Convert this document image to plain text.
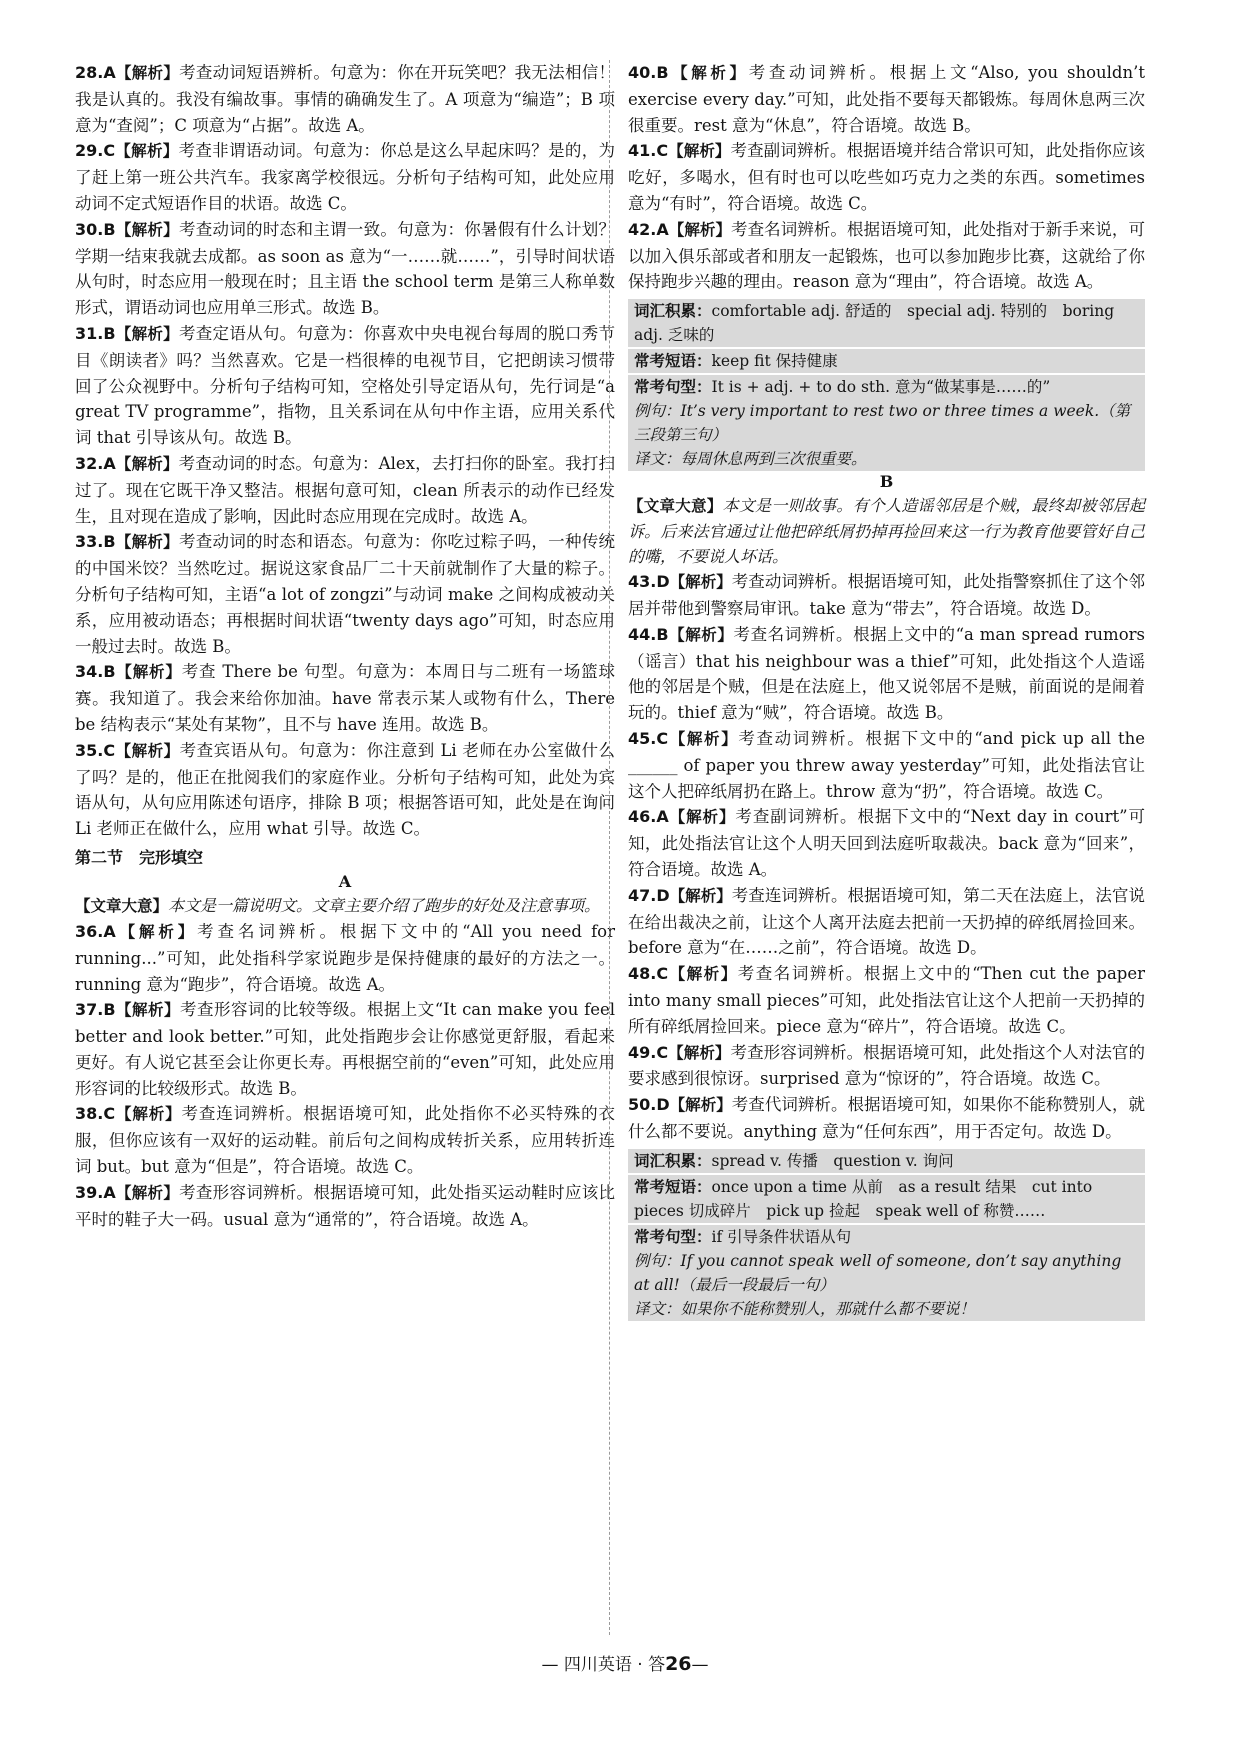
28.A【解析】考查动词短语辨析。句意为：你在开玩笑吧？我无法相信！我是认真的。我没有编故事。事情的确确发生了。A 项意为“编造”；B 项意为“查阅”；C 项意为“占据”。故选 A。

29.C【解析】考查非谓语动词。句意为：你总是这么早起床吗？是的，为了赶上第一班公共汽车。我家离学校很远。分析句子结构可知，此处应用动词不定式短语作目的状语。故选 C。

30.B【解析】考查动词的时态和主谓一致。句意为：你暑假有什么计划？学期一结束我就去成都。as soon as 意为“一……就……”，引导时间状语从句时，时态应用一般现在时；且主语 the school term 是第三人称单数形式，谓语动词也应用单三形式。故选 B。

31.B【解析】考查定语从句。句意为：你喜欢中央电视台每周的脱口秀节目《朗读者》吗？当然喜欢。它是一档很棒的电视节目，它把朗读习惯带回了公众视野中。分析句子结构可知，空格处引导定语从句，先行词是“a great TV programme”，指物，且关系词在从句中作主语，应用关系代词 that 引导该从句。故选 B。

32.A【解析】考查动词的时态。句意为：Alex，去打扫你的卧室。我打扫过了。现在它既干净又整洁。根据句意可知，clean 所表示的动作已经发生，且对现在造成了影响，因此时态应用现在完成时。故选 A。

33.B【解析】考查动词的时态和语态。句意为：你吃过粽子吗，一种传统的中国米饺？当然吃过。据说这家食品厂二十天前就制作了大量的粽子。分析句子结构可知，主语“a lot of zongzi”与动词 make 之间构成被动关系，应用被动语态；再根据时间状语“twenty days ago”可知，时态应用一般过去时。故选 B。

34.B【解析】考查 There be 句型。句意为：本周日与二班有一场篮球赛。我知道了。我会来给你加油。have 常表示某人或物有什么，There be 结构表示“某处有某物”，且不与 have 连用。故选 B。

35.C【解析】考查宾语从句。句意为：你注意到 Li 老师在办公室做什么了吗？是的，他正在批阅我们的家庭作业。分析句子结构可知，此处为宾语从句，从句应用陈述句语序，排除 B 项；根据答语可知，此处是在询问 Li 老师正在做什么，应用 what 引导。故选 C。

第二节　完形填空

A

【文章大意】本文是一篇说明文。文章主要介绍了跑步的好处及注意事项。

36.A【解析】考查名词辨析。根据下文中的“All you need for running...”可知，此处指科学家说跑步是保持健康的最好的方法之一。running 意为“跑步”，符合语境。故选 A。

37.B【解析】考查形容词的比较等级。根据上文“It can make you feel better and look better.”可知，此处指跑步会让你感觉更舒服，看起来更好。有人说它甚至会让你更长寿。再根据空前的“even”可知，此处应用形容词的比较级形式。故选 B。

38.C【解析】考查连词辨析。根据语境可知，此处指你不必买特殊的衣服，但你应该有一双好的运动鞋。前后句之间构成转折关系，应用转折连词 but。but 意为“但是”，符合语境。故选 C。

39.A【解析】考查形容词辨析。根据语境可知，此处指买运动鞋时应该比平时的鞋子大一码。usual 意为“通常的”，符合语境。故选 A。

40.B【解析】考查动词辨析。根据上文“Also, you shouldn’t exercise every day.”可知，此处指不要每天都锻炼。每周休息两三次很重要。rest 意为“休息”，符合语境。故选 B。

41.C【解析】考查副词辨析。根据语境并结合常识可知，此处指你应该吃好，多喝水，但有时也可以吃些如巧克力之类的东西。sometimes 意为“有时”，符合语境。故选 C。

42.A【解析】考查名词辨析。根据语境可知，此处指对于新手来说，可以加入俱乐部或者和朋友一起锻炼，也可以参加跑步比赛，这就给了你保持跑步兴趣的理由。reason 意为“理由”，符合语境。故选 A。

词汇积累：comfortable adj. 舒适的　special adj. 特别的　boring adj. 乏味的

常考短语：keep fit 保持健康

常考句型：It is + adj. + to do sth. 意为“做某事是……的”
例句：It’s very important to rest two or three times a week.（第三段第三句）
译文：每周休息两到三次很重要。

B

【文章大意】本文是一则故事。有个人造谣邻居是个贼，最终却被邻居起诉。后来法官通过让他把碎纸屑扔掉再捡回来这一行为教育他要管好自己的嘴，不要说人坏话。

43.D【解析】考查动词辨析。根据语境可知，此处指警察抓住了这个邻居并带他到警察局审讯。take 意为“带去”，符合语境。故选 D。

44.B【解析】考查名词辨析。根据上文中的“a man spread rumors（谣言）that his neighbour was a thief”可知，此处指这个人造谣他的邻居是个贼，但是在法庭上，他又说邻居不是贼，前面说的是闹着玩的。thief 意为“贼”，符合语境。故选 B。

45.C【解析】考查动词辨析。根据下文中的“and pick up all the ______ of paper you threw away yesterday”可知，此处指法官让这个人把碎纸屑扔在路上。throw 意为“扔”，符合语境。故选 C。

46.A【解析】考查副词辨析。根据下文中的“Next day in court”可知，此处指法官让这个人明天回到法庭听取裁决。back 意为“回来”，符合语境。故选 A。

47.D【解析】考查连词辨析。根据语境可知，第二天在法庭上，法官说在给出裁决之前，让这个人离开法庭去把前一天扔掉的碎纸屑捡回来。before 意为“在……之前”，符合语境。故选 D。

48.C【解析】考查名词辨析。根据上文中的“Then cut the paper into many small pieces”可知，此处指法官让这个人把前一天扔掉的所有碎纸屑捡回来。piece 意为“碎片”，符合语境。故选 C。

49.C【解析】考查形容词辨析。根据语境可知，此处指这个人对法官的要求感到很惊讶。surprised 意为“惊讶的”，符合语境。故选 C。

50.D【解析】考查代词辨析。根据语境可知，如果你不能称赞别人，就什么都不要说。anything 意为“任何东西”，用于否定句。故选 D。

词汇积累：spread v. 传播　question v. 询问

常考短语：once upon a time 从前　as a result 结果　cut into pieces 切成碎片　pick up 捡起　speak well of 称赞……

常考句型：if 引导条件状语从句
例句：If you cannot speak well of someone, don’t say anything at all!（最后一段最后一句）
译文：如果你不能称赞别人，那就什么都不要说！

— 四川英语 · 答26—
